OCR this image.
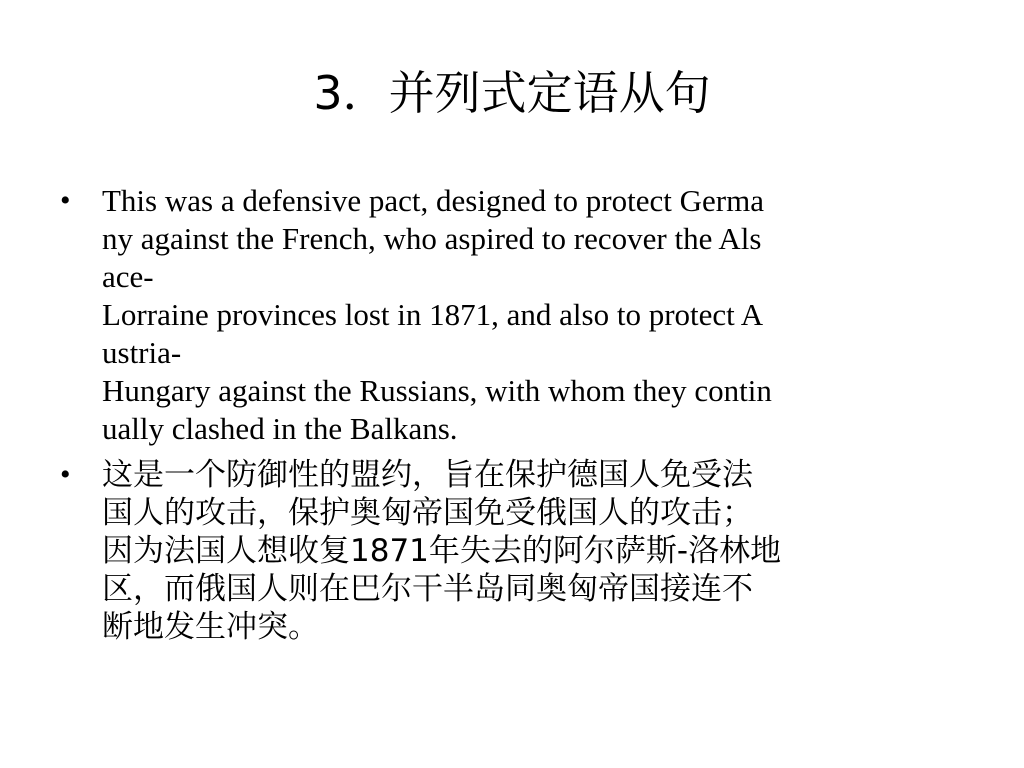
3．并列式定语从句
• This was a defensive pact, designed to protect Germa
ny against the French, who aspired to recover the Als
ace-
Lorraine provinces lost in 1871, and also to protect A
ustria-
Hungary against the Russians, with whom they contin
ually clashed in the Balkans.
• 这是一个防御性的盟约，旨在保护德国人免受法
国人的攻击，保护奥匈帝国免受俄国人的攻击；
因为法国人想收复1871年失去的阿尔萨斯-洛林地
区，而俄国人则在巴尔干半岛同奥匈帝国接连不
断地发生冲突。
